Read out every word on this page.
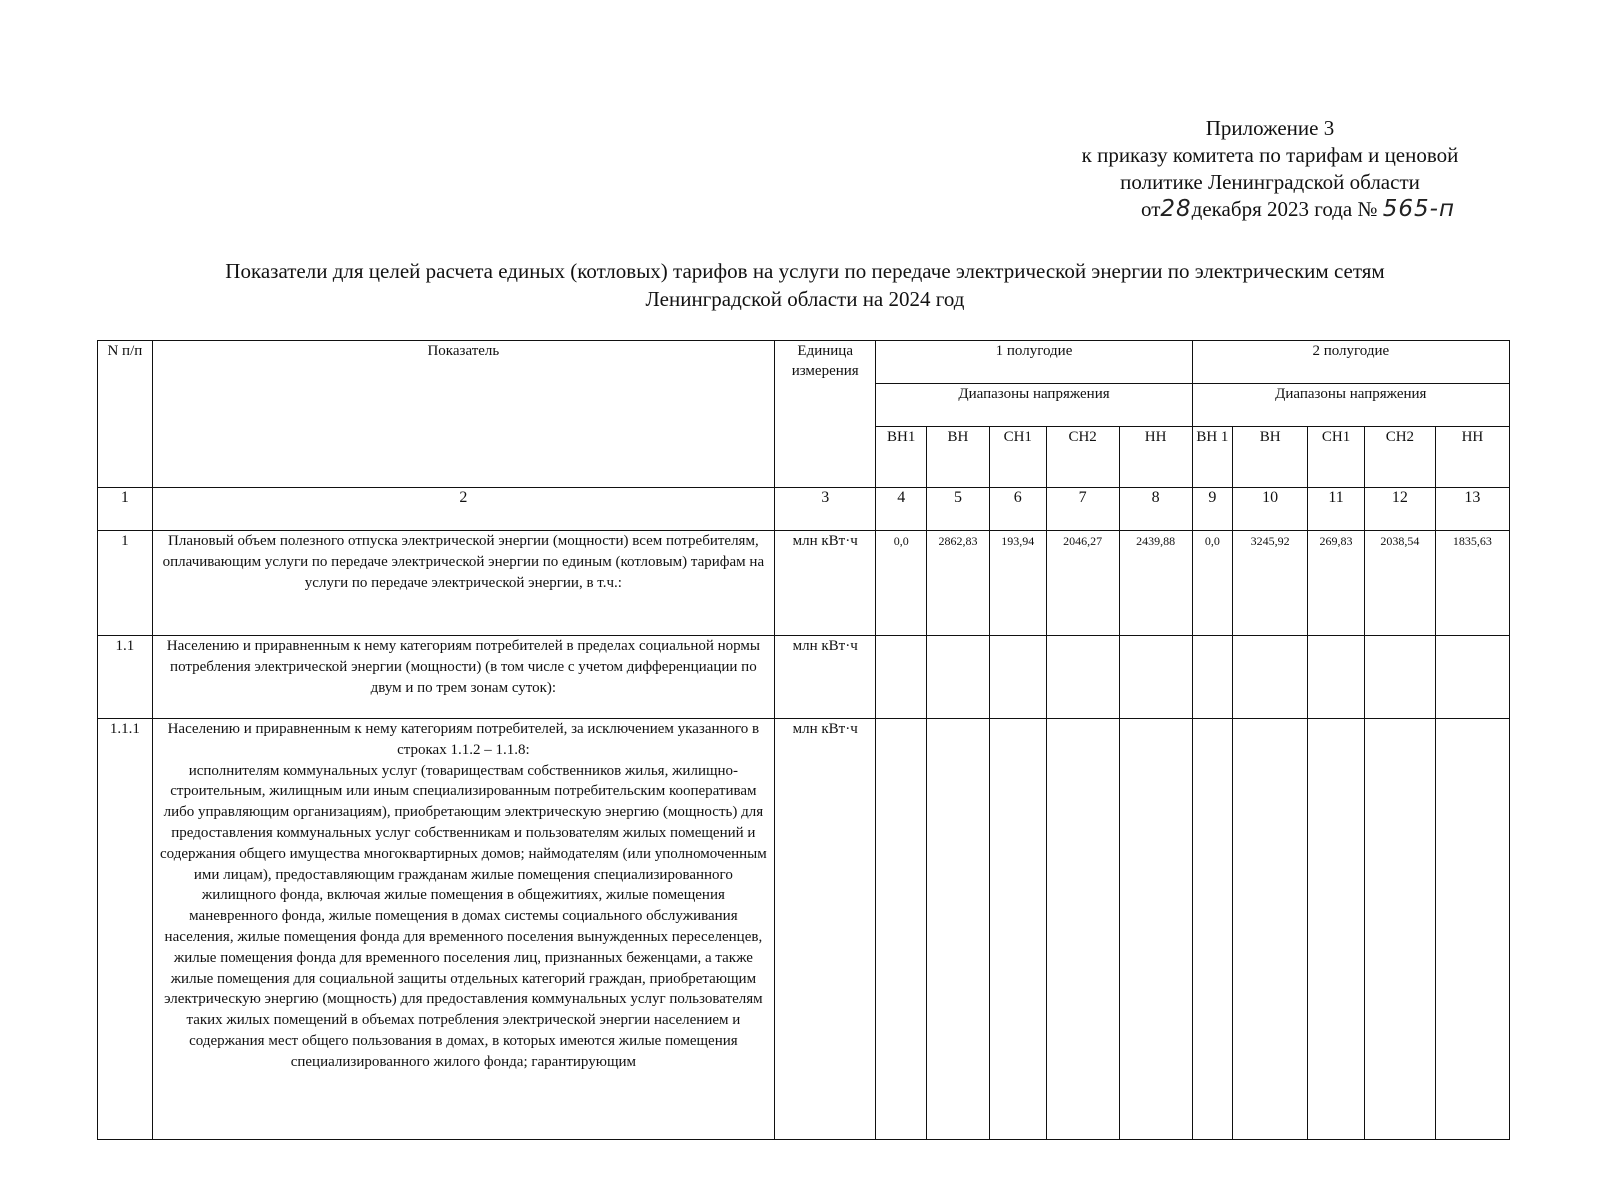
Приложение 3
к приказу комитета по тарифам и ценовой
политике Ленинградской области
от28декабря 2023 года № 565-п
Показатели для целей расчета единых (котловых) тарифов на услуги по передаче электрической энергии по электрическим сетям
Ленинградской области на 2024 год
N п/п	Показатель	Единица измерения	1 полугодие					2 полугодие				
			Диапазоны напряжения					Диапазоны напряжения				
			ВН1	ВН	СН1	СН2	НН	ВН 1	ВН	СН1	СН2	НН
1	2	3	4	5	6	7	8	9	10	11	12	13
1	Плановый объем полезного отпуска электрической энергии (мощности) всем потребителям, оплачивающим услуги по передаче электрической энергии по единым (котловым) тарифам на услуги по передаче электрической энергии, в т.ч.:	млн кВт·ч	0,0	2862,83	193,94	2046,27	2439,88	0,0	3245,92	269,83	2038,54	1835,63
1.1	Населению и приравненным к нему категориям потребителей в пределах социальной нормы потребления электрической энергии (мощности) (в том числе с учетом дифференциации по двум и по трем зонам суток):	млн кВт·ч										
1.1.1	Населению и приравненным к нему категориям потребителей, за исключением указанного в строках 1.1.2 – 1.1.8:
исполнителям коммунальных услуг (товариществам собственников жилья, жилищно-строительным, жилищным или иным специализированным потребительским кооперативам либо управляющим организациям), приобретающим электрическую энергию (мощность) для предоставления коммунальных услуг собственникам и пользователям жилых помещений и содержания общего имущества многоквартирных домов; наймодателям (или уполномоченным ими лицам), предоставляющим гражданам жилые помещения специализированного жилищного фонда, включая жилые помещения в общежитиях, жилые помещения маневренного фонда, жилые помещения в домах системы социального обслуживания населения, жилые помещения фонда для временного поселения вынужденных переселенцев, жилые помещения фонда для временного поселения лиц, признанных беженцами, а также жилые помещения для социальной защиты отдельных категорий граждан, приобретающим электрическую энергию (мощность) для предоставления коммунальных услуг пользователям таких жилых помещений в объемах потребления электрической энергии населением и содержания мест общего пользования в домах, в которых имеются жилые помещения специализированного жилого фонда; гарантирующим	млн кВт·ч										
